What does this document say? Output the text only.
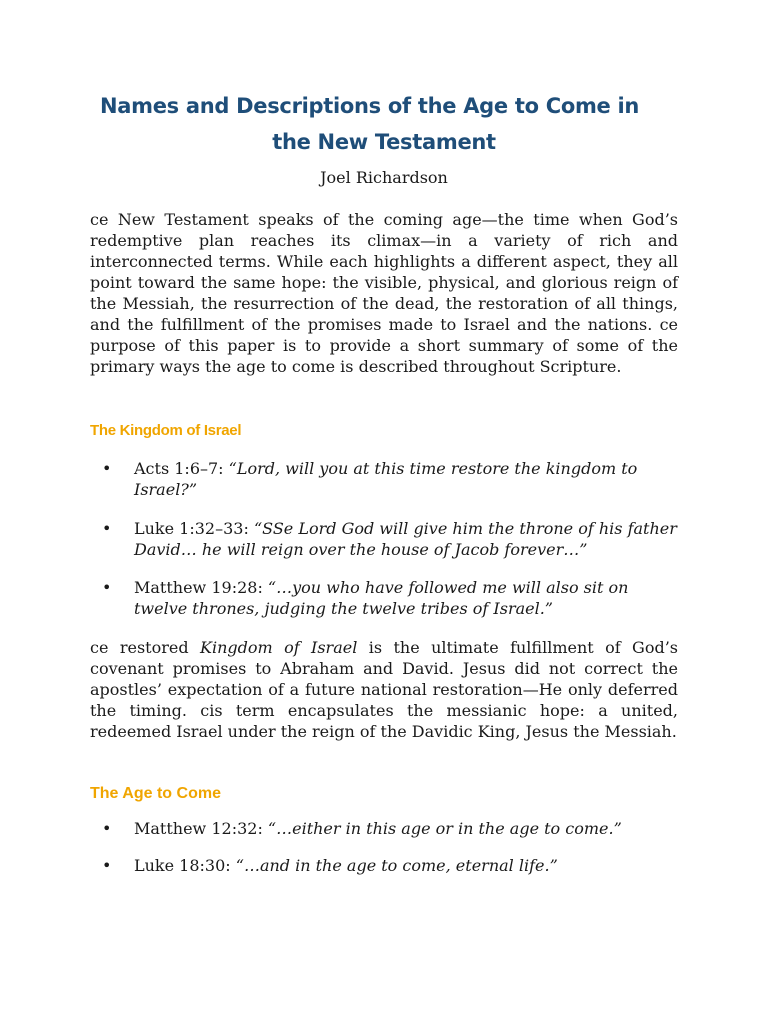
Names and Descriptions of the Age to Come in
the New Testament
Joel Richardson

ce New Testament speaks of the coming age—the time when God’s redemptive plan reaches its climax—in a variety of rich and interconnected terms. While each highlights a different aspect, they all point toward the same hope: the visible, physical, and glorious reign of the Messiah, the resurrection of the dead, the restoration of all things, and the fulfillment of the promises made to Israel and the nations. ce purpose of this paper is to provide a short summary of some of the primary ways the age to come is described throughout Scripture.

The Kingdom of Israel
• Acts 1:6–7: “Lord, will you at this time restore the kingdom to Israel?”
• Luke 1:32–33: “SSe Lord God will give him the throne of his father David… he will reign over the house of Jacob forever…”
• Matthew 19:28: “…you who have followed me will also sit on twelve thrones, judging the twelve tribes of Israel.”

ce restored Kingdom of Israel is the ultimate fulfillment of God’s covenant promises to Abraham and David. Jesus did not correct the apostles’ expectation of a future national restoration—He only deferred the timing. cis term encapsulates the messianic hope: a united, redeemed Israel under the reign of the Davidic King, Jesus the Messiah.

The Age to Come
• Matthew 12:32: “…either in this age or in the age to come.”
• Luke 18:30: “…and in the age to come, eternal life.”
